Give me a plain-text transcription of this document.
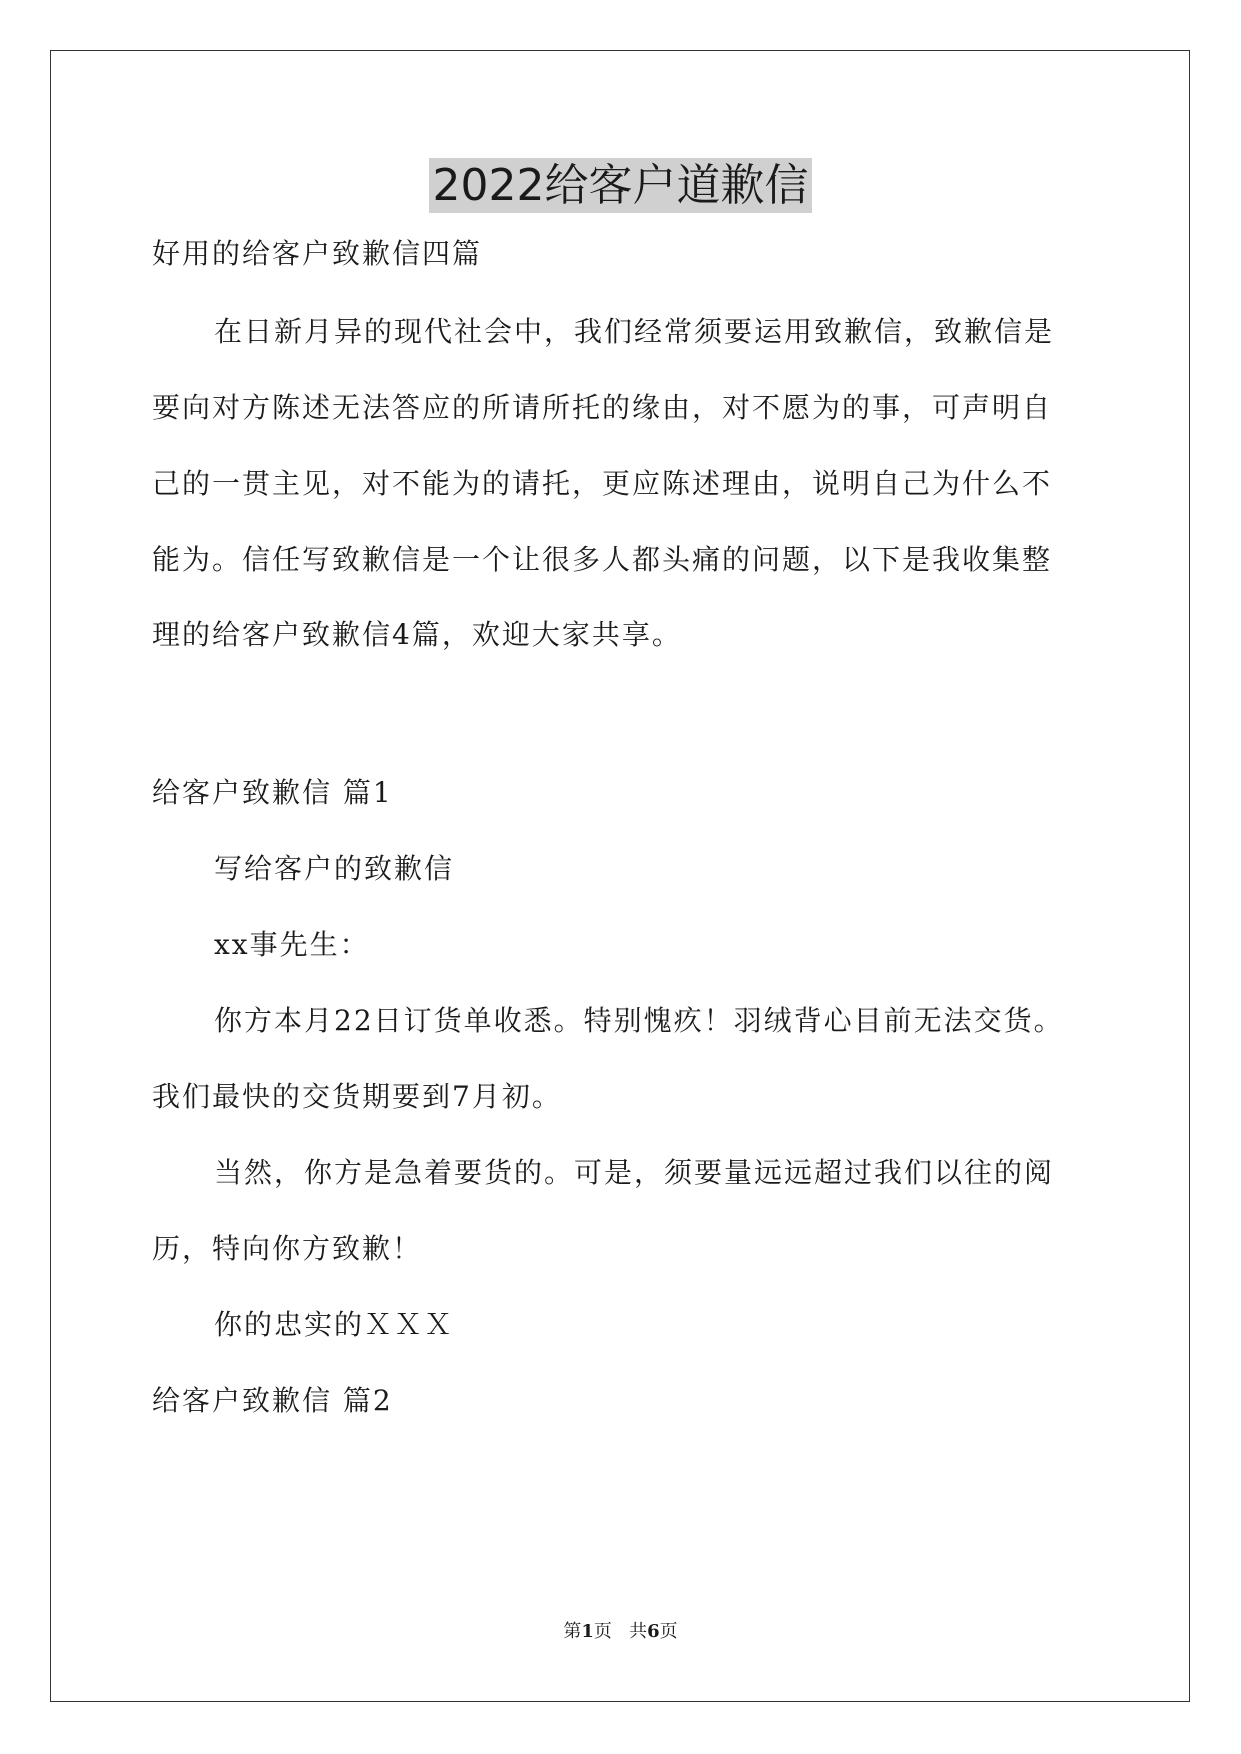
2022给客户道歉信
好用的给客户致歉信四篇
在日新月异的现代社会中，我们经常须要运用致歉信，致歉信是
要向对方陈述无法答应的所请所托的缘由，对不愿为的事，可声明自
己的一贯主见，对不能为的请托，更应陈述理由，说明自己为什么不
能为。信任写致歉信是一个让很多人都头痛的问题，以下是我收集整
理的给客户致歉信4篇，欢迎大家共享。
给客户致歉信 篇1
写给客户的致歉信
xx事先生：
你方本月22日订货单收悉。特别愧疚！羽绒背心目前无法交货。
我们最快的交货期要到7月初。
当然，你方是急着要货的。可是，须要量远远超过我们以往的阅
历，特向你方致歉！
你的忠实的ＸＸＸ
给客户致歉信 篇2
第1页   共6页
